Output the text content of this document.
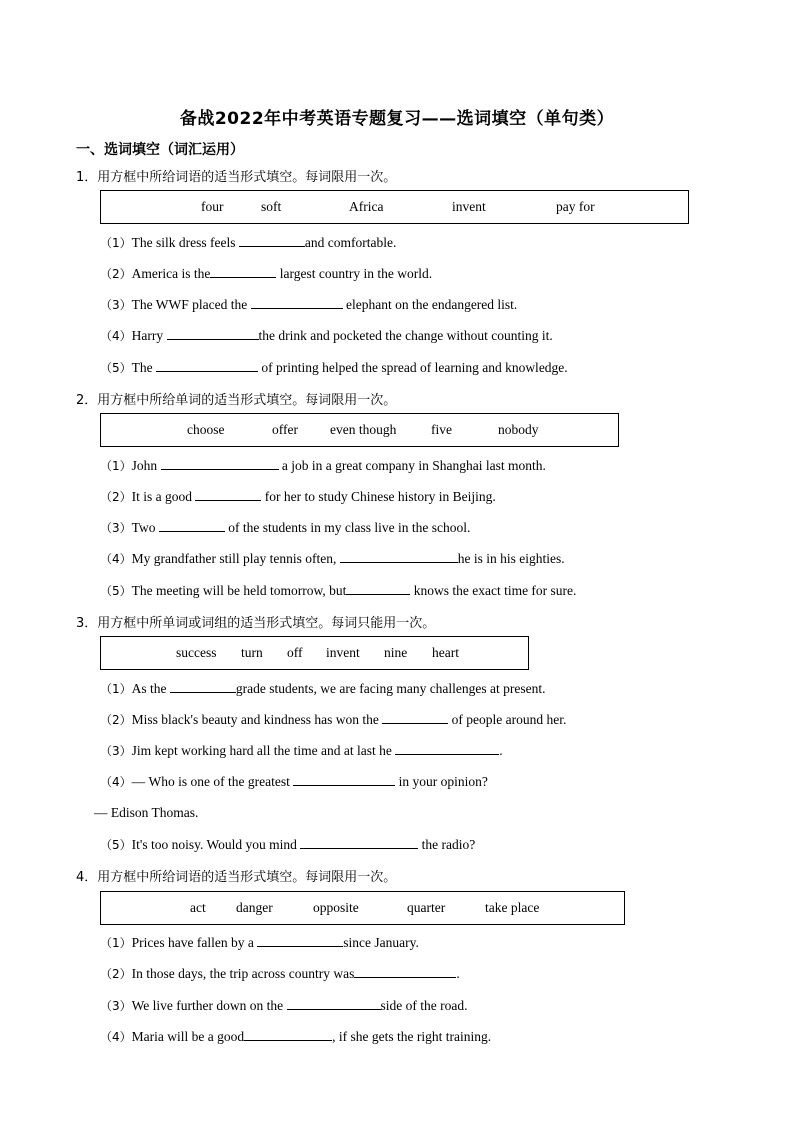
备战2022年中考英语专题复习——选词填空（单句类）
一、选词填空（词汇运用）
1．用方框中所给词语的适当形式填空。每词限用一次。
four	soft	Africa	invent	pay for
（1）The silk dress feels	and comfortable.
（2）America is the	largest country in the world.
（3）The WWF placed the	elephant on the endangered list.
（4）Harry	the drink and pocketed the change without counting it.
（5）The	of printing helped the spread of learning and knowledge.
2．用方框中所给单词的适当形式填空。每词限用一次。
choose	offer even though	five	nobody
（1）John	a job in a great company in Shanghai last month.
（2）It is a good	for her to study Chinese history in Beijing.
（3）Two	of the students in my class live in the school.
（4）My grandfather still play tennis often,	he is in his eighties.
（5）The meeting will be held tomorrow, but	knows the exact time for sure.
3．用方框中所单词或词组的适当形式填空。每词只能用一次。
success turn off invent nine heart
（1）As the	grade students, we are facing many challenges at present.
（2）Miss black's beauty and kindness has won the	of people around her.
（3）Jim kept working hard all the time and at last he	.
（4）— Who is one of the greatest	in your opinion?
— Edison Thomas.
（5）It's too noisy. Would you mind	the radio?
4．用方框中所给词语的适当形式填空。每词限用一次。
act danger	opposite	quarter	take place
（1）Prices have fallen by a	since January.
（2）In those days, the trip across country was	.
（3）We live further down on the	side of the road.
（4）Maria will be a good	, if she gets the right training.
